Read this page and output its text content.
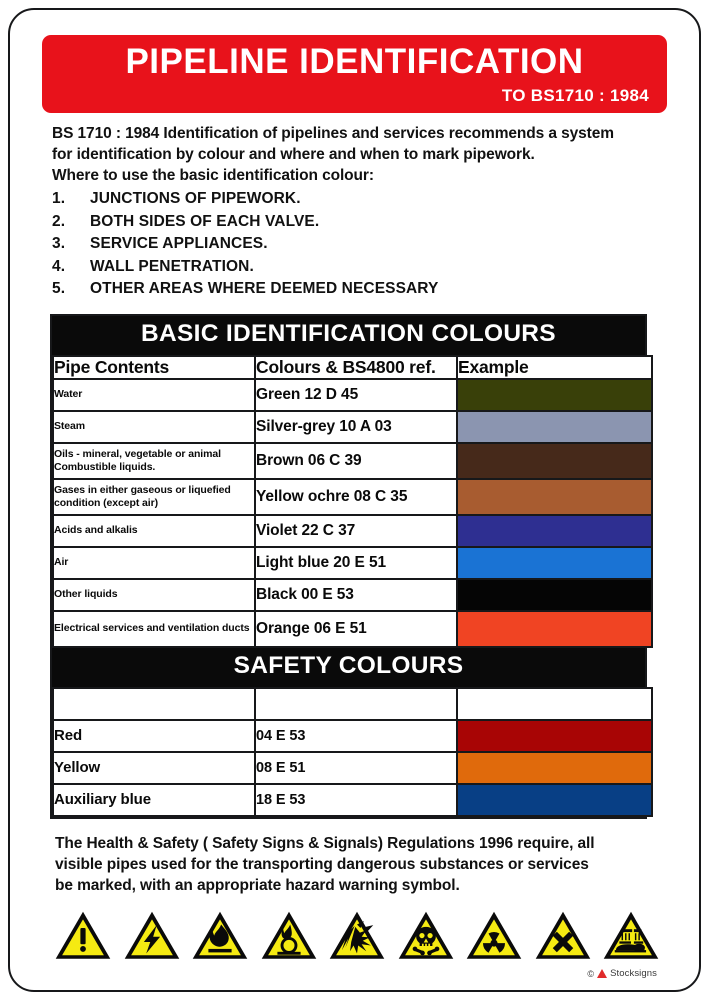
PIPELINE IDENTIFICATION
TO BS1710 : 1984

BS 1710 : 1984 Identification of pipelines and services recommends a system

for identification by colour and where and when to mark pipework.

Where to use the basic identification colour:

1. JUNCTIONS OF PIPEWORK.
2. BOTH SIDES OF EACH VALVE.
3. SERVICE APPLIANCES.
4. WALL PENETRATION.
5. OTHER AREAS WHERE DEEMED NECESSARY
BASIC IDENTIFICATION COLOURS
Pipe Contents	Colours & BS4800 ref.	Example
Water	Green 12 D 45	

Steam	Silver-grey 10 A 03	

Oils - mineral, vegetable or animal Combustible liquids.	Brown 06 C 39	

Gases in either gaseous or liquefied condition (except air)	Yellow ochre 08 C 35	

Acids and alkalis	Violet 22 C 37	

Air	Light blue 20 E 51	

Other liquids	Black 00 E 53	

Electrical services and ventilation ducts	Orange 06 E 51	
SAFETY COLOURS

Red	04 E 53	

Yellow	08 E 51	

Auxiliary blue	18 E 53	

The Health & Safety ( Safety Signs & Signals) Regulations 1996 require, all

visible pipes used for the transporting dangerous substances or services

be marked, with an appropriate hazard warning symbol.

© Stocksigns
